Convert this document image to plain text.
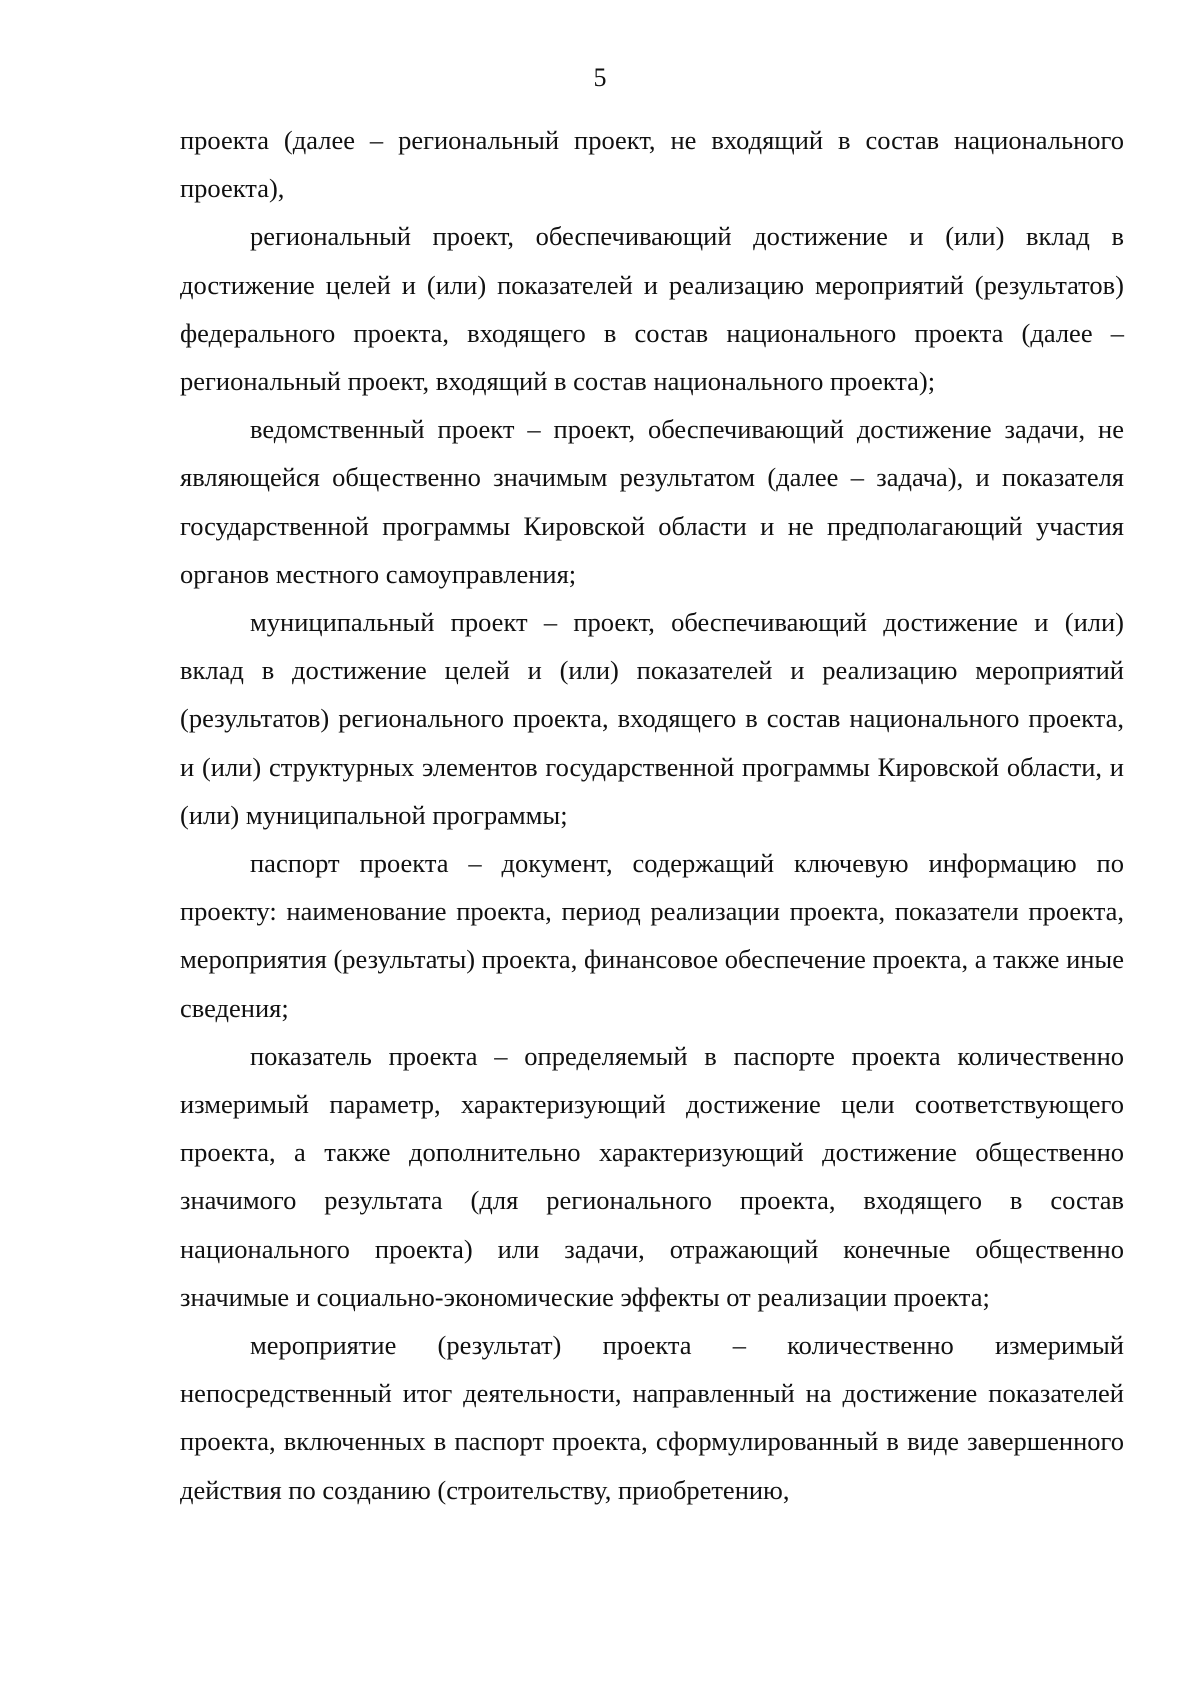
5

проекта (далее – региональный проект, не входящий в состав национального проекта),

региональный проект, обеспечивающий достижение и (или) вклад в достижение целей и (или) показателей и реализацию мероприятий (результатов) федерального проекта, входящего в состав национального проекта (далее – региональный проект, входящий в состав национального проекта);

ведомственный проект – проект, обеспечивающий достижение задачи, не являющейся общественно значимым результатом (далее – задача), и показателя государственной программы Кировской области и не предполагающий участия органов местного самоуправления;

муниципальный проект – проект, обеспечивающий достижение и (или) вклад в достижение целей и (или) показателей и реализацию мероприятий (результатов) регионального проекта, входящего в состав национального проекта, и (или) структурных элементов государственной программы Кировской области, и (или) муниципальной программы;

паспорт проекта – документ, содержащий ключевую информацию по проекту: наименование проекта, период реализации проекта, показатели проекта, мероприятия (результаты) проекта, финансовое обеспечение проекта, а также иные сведения;

показатель проекта – определяемый в паспорте проекта количественно измеримый параметр, характеризующий достижение цели соответствующего проекта, а также дополнительно характеризующий достижение общественно значимого результата (для регионального проекта, входящего в состав национального проекта) или задачи, отражающий конечные общественно значимые и социально-экономические эффекты от реализации проекта;

мероприятие (результат) проекта – количественно измеримый непосредственный итог деятельности, направленный на достижение показателей проекта, включенных в паспорт проекта, сформулированный в виде завершенного действия по созданию (строительству, приобретению,
